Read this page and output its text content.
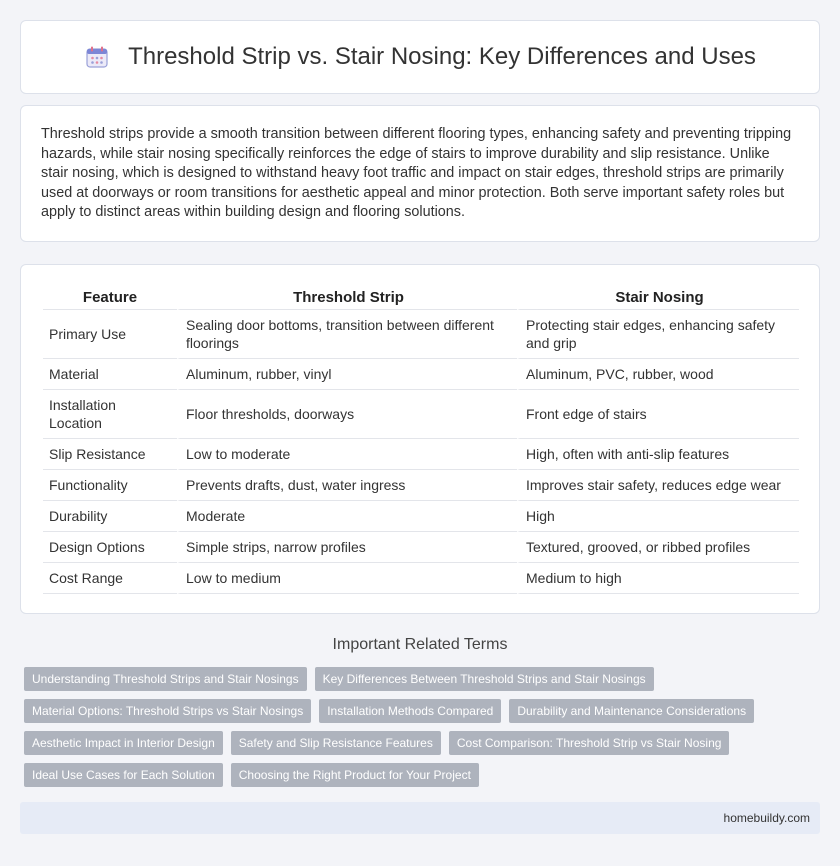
Threshold Strip vs. Stair Nosing: Key Differences and Uses

Threshold strips provide a smooth transition between different flooring types, enhancing safety and preventing tripping hazards, while stair nosing specifically reinforces the edge of stairs to improve durability and slip resistance. Unlike stair nosing, which is designed to withstand heavy foot traffic and impact on stair edges, threshold strips are primarily used at doorways or room transitions for aesthetic appeal and minor protection. Both serve important safety roles but apply to distinct areas within building design and flooring solutions.

Feature	Threshold Strip	Stair Nosing
Primary Use	Sealing door bottoms, transition between different floorings	Protecting stair edges, enhancing safety and grip
Material	Aluminum, rubber, vinyl	Aluminum, PVC, rubber, wood
Installation Location	Floor thresholds, doorways	Front edge of stairs
Slip Resistance	Low to moderate	High, often with anti-slip features
Functionality	Prevents drafts, dust, water ingress	Improves stair safety, reduces edge wear
Durability	Moderate	High
Design Options	Simple strips, narrow profiles	Textured, grooved, or ribbed profiles
Cost Range	Low to medium	Medium to high
Important Related Terms
Understanding Threshold Strips and Stair Nosings	Key Differences Between Threshold Strips and Stair Nosings
Material Options: Threshold Strips vs Stair Nosings	Installation Methods Compared	Durability and Maintenance Considerations
Aesthetic Impact in Interior Design	Safety and Slip Resistance Features	Cost Comparison: Threshold Strip vs Stair Nosing
Ideal Use Cases for Each Solution	Choosing the Right Product for Your Project
homebuildy.com
